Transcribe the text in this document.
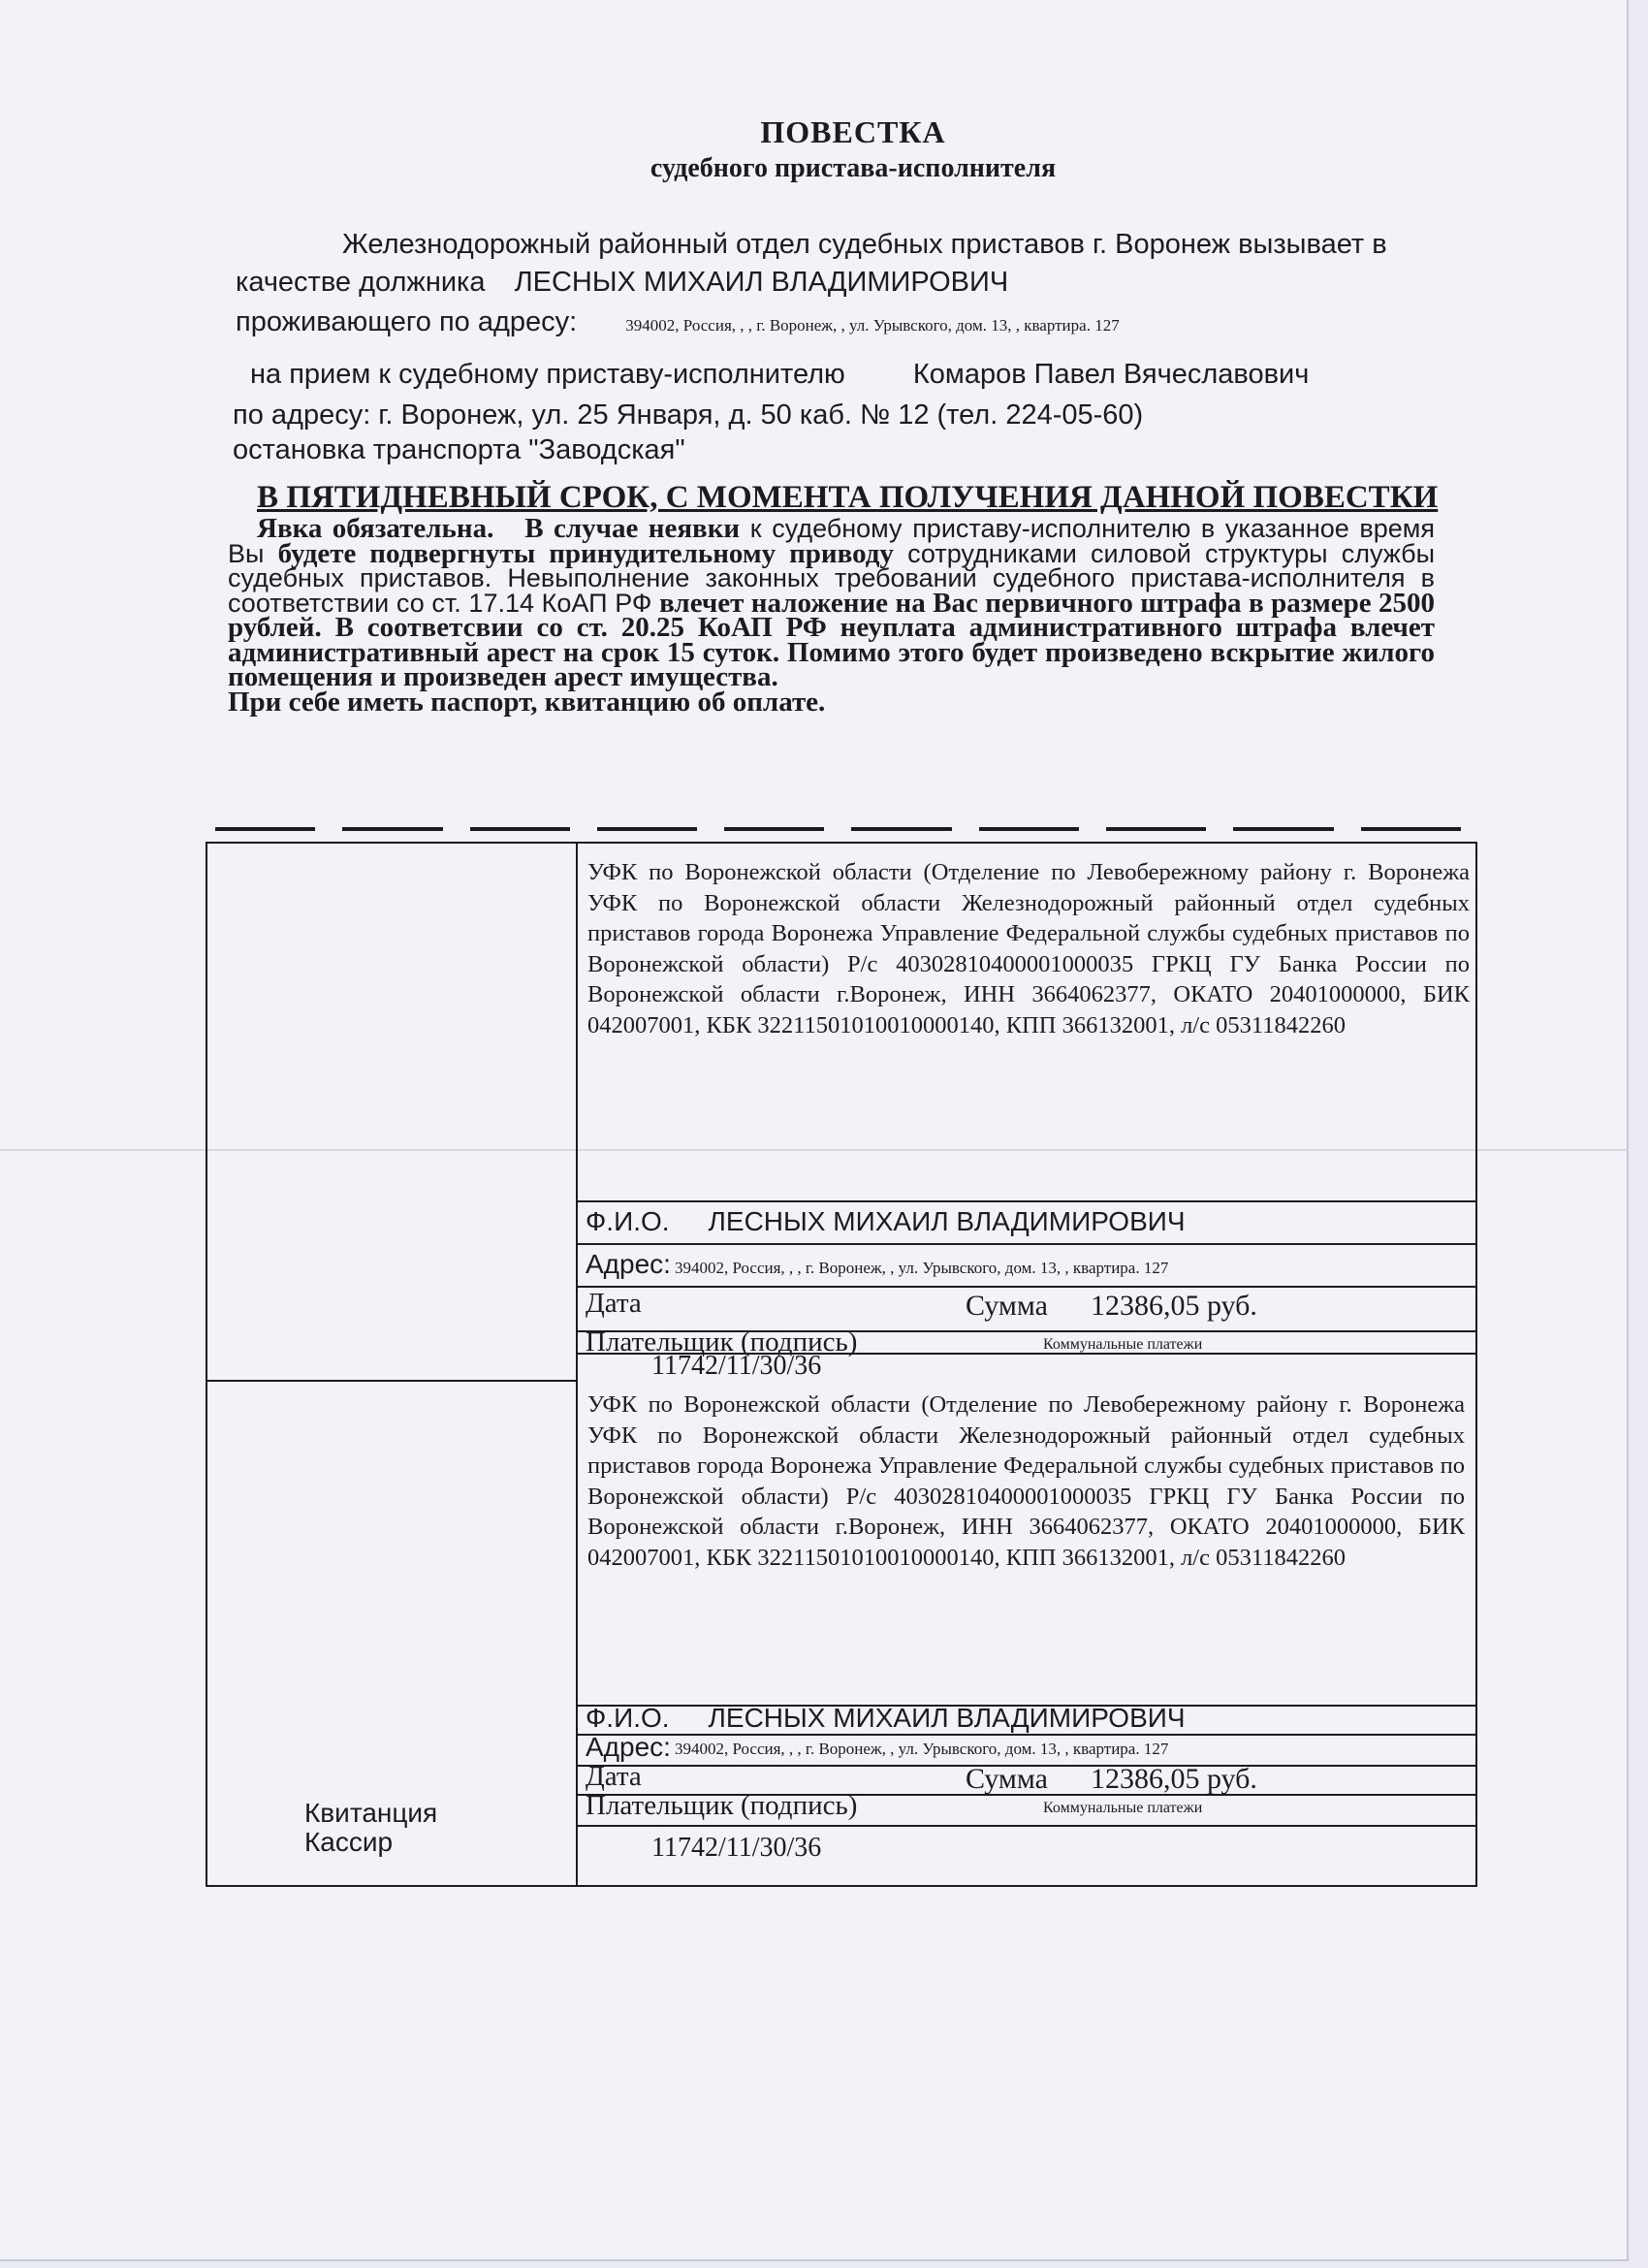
ПОВЕСТКА
судебного пристава-исполнителя
Железнодорожный районный отдел судебных приставов г. Воронеж вызывает в
качестве должника ЛЕСНЫХ МИХАИЛ ВЛАДИМИРОВИЧ
проживающего по адресу:	394002, Россия, , , г. Воронеж, , ул. Урывского, дом. 13, , квартира. 127
на прием к судебному приставу-исполнителю Комаров Павел Вячеславович
по адресу: г. Воронеж, ул. 25 Января, д. 50 каб. № 12 (тел. 224-05-60)
остановка транспорта "Заводская"
В ПЯТИДНЕВНЫЙ СРОК, С МОМЕНТА ПОЛУЧЕНИЯ ДАННОЙ ПОВЕСТКИ
Явка обязательна. В случае неявки к судебному приставу-исполнителю в указанное время Вы будете подвергнуты принудительному приводу сотрудниками силовой структуры службы судебных приставов. Невыполнение законных требований судебного пристава-исполнителя в соответствии со ст. 17.14 КоАП РФ влечет наложение на Вас первичного штрафа в размере 2500 рублей. В соответсвии со ст. 20.25 КоАП РФ неуплата административного штрафа влечет административный арест на срок 15 суток. Помимо этого будет произведено вскрытие жилого помещения и произведен арест имущества.
При себе иметь паспорт, квитанцию об оплате.
УФК по Воронежской области (Отделение по Левобережному району г. Воронежа УФК по Воронежской области Железнодорожный районный отдел судебных приставов города Воронежа Управление Федеральной службы судебных приставов по Воронежской области) Р/с 40302810400001000035 ГРКЦ ГУ Банка России по Воронежской области г.Воронеж, ИНН 3664062377, ОКАТО 20401000000, БИК 042007001, КБК 32211501010010000140, КПП 366132001, л/с 05311842260
Ф.И.О. ЛЕСНЫХ МИХАИЛ ВЛАДИМИРОВИЧ
Адрес: 394002, Россия, , , г. Воронеж, , ул. Урывского, дом. 13, , квартира. 127
Дата	Сумма 12386,05 руб.
Плательщик (подпись)	Коммунальные платежи
11742/11/30/36
УФК по Воронежской области (Отделение по Левобережному району г. Воронежа УФК по Воронежской области Железнодорожный районный отдел судебных приставов города Воронежа Управление Федеральной службы судебных приставов по Воронежской области) Р/с 40302810400001000035 ГРКЦ ГУ Банка России по Воронежской области г.Воронеж, ИНН 3664062377, ОКАТО 20401000000, БИК 042007001, КБК 32211501010010000140, КПП 366132001, л/с 05311842260
Ф.И.О. ЛЕСНЫХ МИХАИЛ ВЛАДИМИРОВИЧ
Адрес: 394002, Россия, , , г. Воронеж, , ул. Урывского, дом. 13, , квартира. 127
Дата	Сумма 12386,05 руб.
Плательщик (подпись)	Коммунальные платежи
11742/11/30/36
Квитанция
Кассир
